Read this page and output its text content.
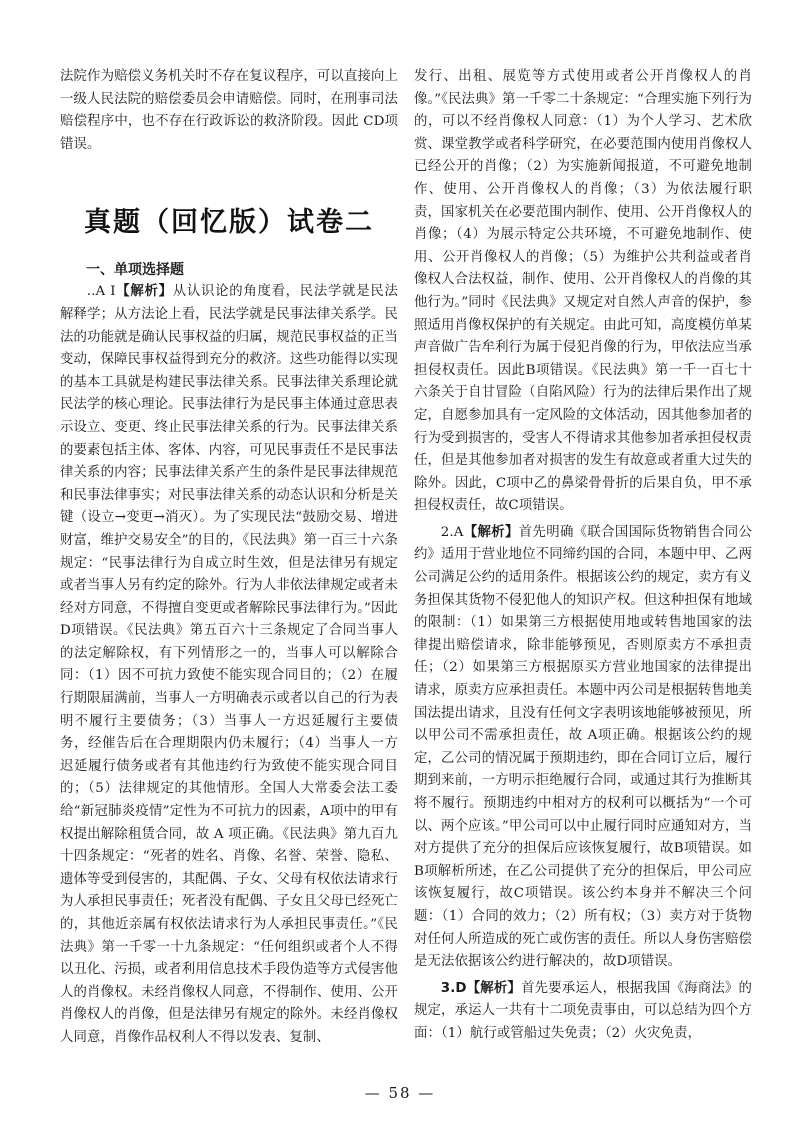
法院作为赔偿义务机关时不存在复议程序，可以直接向上一级人民法院的赔偿委员会申请赔偿。同时，在刑事司法赔偿程序中，也不存在行政诉讼的救济阶段。因此 CD项错误。

真题（回忆版）试卷二
一、单项选择题

..A I【解析】从认识论的角度看，民法学就是民法解释学；从方法论上看，民法学就是民事法律关系学。民法的功能就是确认民事权益的归属，规范民事权益的正当变动，保障民事权益得到充分的救济。这些功能得以实现的基本工具就是构建民事法律关系。民事法律关系理论就民法学的核心理论。民事法律行为是民事主体通过意思表示设立、变更、终止民事法律关系的行为。民事法律关系的要素包括主体、客体、内容，可见民事责任不是民事法律关系的内容；民事法律关系产生的条件是民事法律规范和民事法律事实；对民事法律关系的动态认识和分析是关键（设立→变更→消灭）。为了实现民法“鼓励交易、增进财富，维护交易安全”的目的，《民法典》第一百三十六条规定：“民事法律行为自成立时生效，但是法律另有规定或者当事人另有约定的除外。行为人非依法律规定或者未经对方同意，不得擅自变更或者解除民事法律行为。”因此 D项错误。《民法典》第五百六十三条规定了合同当事人的法定解除权，有下列情形之一的，当事人可以解除合同：（1）因不可抗力致使不能实现合同目的；（2）在履行期限届满前，当事人一方明确表示或者以自己的行为表明不履行主要债务；（3）当事人一方迟延履行主要债务，经催告后在合理期限内仍未履行；（4）当事人一方迟延履行债务或者有其他违约行为致使不能实现合同目的；（5）法律规定的其他情形。全国人大常委会法工委给“新冠肺炎疫情”定性为不可抗力的因素，A项中的甲有权提出解除租赁合同，故 A 项正确。《民法典》第九百九十四条规定：“死者的姓名、肖像、名誉、荣誉、隐私、遗体等受到侵害的，其配偶、子女、父母有权依法请求行为人承担民事责任；死者没有配偶、子女且父母已经死亡的，其他近亲属有权依法请求行为人承担民事责任。”《民法典》第一千零一十九条规定：“任何组织或者个人不得以丑化、污损，或者利用信息技术手段伪造等方式侵害他人的肖像权。未经肖像权人同意，不得制作、使用、公开肖像权人的肖像，但是法律另有规定的除外。未经肖像权人同意，肖像作品权利人不得以发表、复制、

发行、出租、展览等方式使用或者公开肖像权人的肖像。”《民法典》第一千零二十条规定：“合理实施下列行为的，可以不经肖像权人同意：（1）为个人学习、艺术欣赏、课堂教学或者科学研究，在必要范围内使用肖像权人已经公开的肖像；（2）为实施新闻报道，不可避免地制作、使用、公开肖像权人的肖像；（3）为依法履行职责，国家机关在必要范围内制作、使用、公开肖像权人的肖像；（4）为展示特定公共环境，不可避免地制作、使用、公开肖像权人的肖像；（5）为维护公共利益或者肖像权人合法权益，制作、使用、公开肖像权人的肖像的其他行为。”同时《民法典》又规定对自然人声音的保护，参照适用肖像权保护的有关规定。由此可知，高度模仿单某声音做广告牟利行为属于侵犯肖像的行为，甲依法应当承担侵权责任。因此B项错误。《民法典》第一千一百七十六条关于自甘冒险（自陷风险）行为的法律后果作出了规定，自愿参加具有一定风险的文体活动，因其他参加者的行为受到损害的，受害人不得请求其他参加者承担侵权责任，但是其他参加者对损害的发生有故意或者重大过失的除外。因此，C项中乙的鼻梁骨骨折的后果自负，甲不承担侵权责任，故C项错误。

2.A【解析】首先明确《联合国国际货物销售合同公约》适用于营业地位不同缔约国的合同，本题中甲、乙两公司满足公约的适用条件。根据该公约的规定，卖方有义务担保其货物不侵犯他人的知识产权。但这种担保有地域的限制：（1）如果第三方根据使用地或转售地国家的法律提出赔偿请求，除非能够预见，否则原卖方不承担责任；（2）如果第三方根据原买方营业地国家的法律提出请求，原卖方应承担责任。本题中丙公司是根据转售地美国法提出请求，且没有任何文字表明该地能够被预见，所以甲公司不需承担责任，故 A项正确。根据该公约的规定，乙公司的情况属于预期违约，即在合同订立后，履行期到来前，一方明示拒绝履行合同，或通过其行为推断其将不履行。预期违约中相对方的权利可以概括为“一个可以、两个应该。”甲公司可以中止履行同时应通知对方，当对方提供了充分的担保后应该恢复履行，故B项错误。如B项解析所述，在乙公司提供了充分的担保后，甲公司应该恢复履行，故C项错误。该公约本身并不解决三个问题：（1）合同的效力；（2）所有权；（3）卖方对于货物对任何人所造成的死亡或伤害的责任。所以人身伤害赔偿是无法依据该公约进行解决的，故D项错误。

3.D【解析】首先要承运人，根据我国《海商法》的规定，承运人一共有十二项免责事由，可以总结为四个方面：（1）航行或管船过失免责；（2）火灾免责，

— 58 —
